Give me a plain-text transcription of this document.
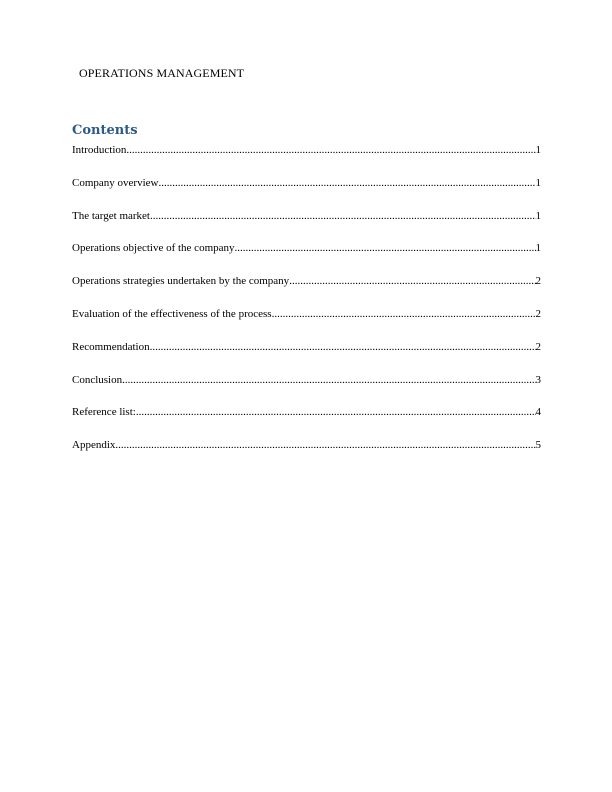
OPERATIONS MANAGEMENT
Contents
Introduction .....	1
Company overview .....	1
The target market .....	1
Operations objective of the company .....	1
Operations strategies undertaken by the company .....	2
Evaluation of the effectiveness of the process .....	2
Recommendation .....	2
Conclusion .....	3
Reference list: .....	4
Appendix .....	5
